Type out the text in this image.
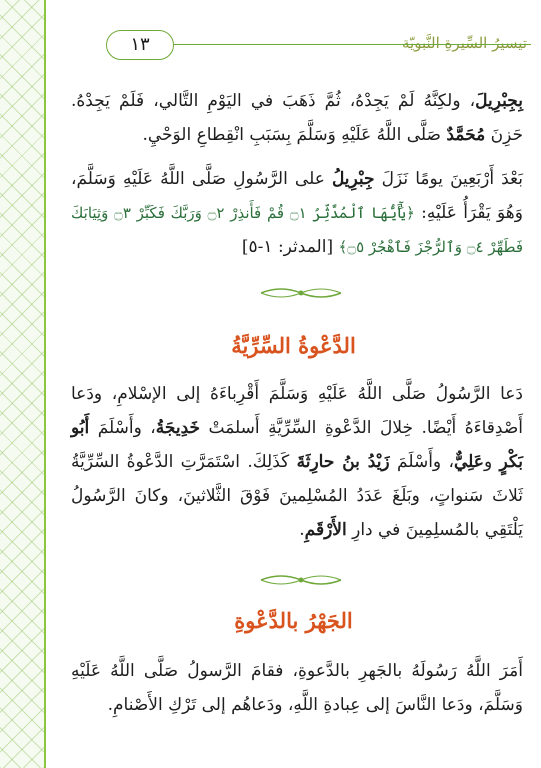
تيسيرُ السِّيرةِ النَّبويّة
١٣
بِجِبْرِيلَ، ولكِنَّهُ لَمْ يَجِدْهُ، ثُمَّ ذَهَبَ في اليَوْمِ التَّالي، فَلَمْ يَجِدْهُ. حَزِنَ مُحَمَّدٌ صَلَّى اللَّهُ عَلَيْهِ وَسَلَّمَ بِسَبَبِ انْقِطاعِ الوَحْيِ.
بَعْدَ أَرْبَعِينَ يومًا نَزَلَ جِبْرِيلُ على الرَّسُولِ صَلَّى اللَّهُ عَلَيْهِ وَسَلَّمَ، وَهُوَ يَقْرَأُ عَلَيْهِ: ﴿يَٰٓأَيُّهَا ٱلْمُدَّثِّرُ ۝١ قُمْ فَأَنذِرْ ۝٢ وَرَبَّكَ فَكَبِّرْ ۝٣ وَثِيَابَكَ فَطَهِّرْ ۝٤ وَٱلرُّجْزَ فَٱهْجُرْ ۝٥﴾ [المدثر: ١-٥]
الدَّعْوةُ السِّرِّيَّةُ
دَعا الرَّسُولُ صَلَّى اللَّهُ عَلَيْهِ وَسَلَّمَ أَقْرِباءَهُ إلى الإسْلامِ، ودَعا أَصْدِقاءَهُ أَيْضًا. خِلالَ الدَّعْوةِ السِّرِّيَّةِ أَسلمَتْ خَدِيجَةُ، وأَسْلَمَ أَبُو بَكْرٍ وعَلِيٌّ، وأَسْلَمَ زَيْدُ بنُ حارِثَةَ كَذَلِكَ. اسْتَمَرَّتِ الدَّعْوةُ السِّرِّيَّةُ ثَلاثَ سَنواتٍ، وبَلَغَ عَدَدُ المُسْلِمينَ فَوْقَ الثَّلاثينَ، وكانَ الرَّسُولُ يَلْتَقِي بالمُسلِمِينَ في دارِ الأَرْقَمِ.
الجَهْرُ بالدَّعْوةِ
أَمَرَ اللَّهُ رَسُولَهُ بالجَهرِ بالدَّعوةِ، فقامَ الرَّسولُ صَلَّى اللَّهُ عَلَيْهِ وَسَلَّمَ، ودَعا النَّاسَ إلى عِبادةِ اللَّهِ، ودَعاهُم إلى تَرْكِ الأَصْنامِ.
